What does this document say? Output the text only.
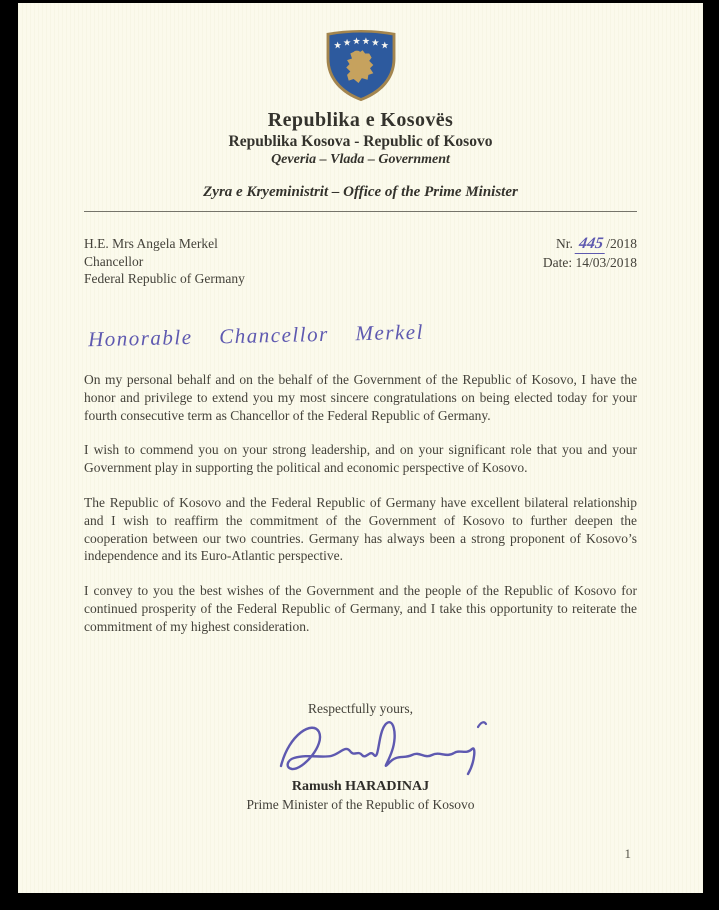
Republika e Kosovës
Republika Kosova - Republic of Kosovo
Qeveria – Vlada – Government
Zyra e Kryeministrit – Office of the Prime Minister
H.E. Mrs Angela Merkel
Chancellor
Federal Republic of Germany
Nr. 445 /2018
Date: 14/03/2018
Honorable Chancellor Merkel

On my personal behalf and on the behalf of the Government of the Republic of Kosovo, I have the honor and privilege to extend you my most sincere congratulations on being elected today for your fourth consecutive term as Chancellor of the Federal Republic of Germany.

I wish to commend you on your strong leadership, and on your significant role that you and your Government play in supporting the political and economic perspective of Kosovo.

The Republic of Kosovo and the Federal Republic of Germany have excellent bilateral relationship and I wish to reaffirm the commitment of the Government of Kosovo to further deepen the cooperation between our two countries. Germany has always been a strong proponent of Kosovo’s independence and its Euro-Atlantic perspective.

I convey to you the best wishes of the Government and the people of the Republic of Kosovo for continued prosperity of the Federal Republic of Germany, and I take this opportunity to reiterate the commitment of my highest consideration.

Respectfully yours,
Ramush HARADINAJ
Prime Minister of the Republic of Kosovo
1
